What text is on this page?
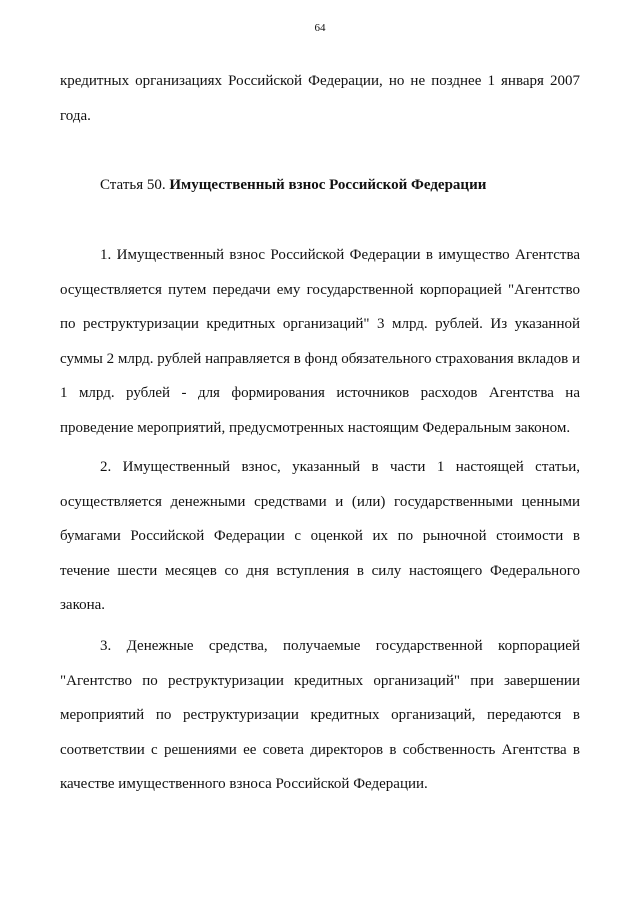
64
кредитных организациях Российской Федерации, но не позднее 1 января 2007 года.
Статья 50. Имущественный взнос Российской Федерации
1. Имущественный взнос Российской Федерации в имущество Агентства осуществляется путем передачи ему государственной корпорацией "Агентство по реструктуризации кредитных организаций" 3 млрд. рублей. Из указанной суммы 2 млрд. рублей направляется в фонд обязательного страхования вкладов и 1 млрд. рублей - для формирования источников расходов Агентства на проведение мероприятий, предусмотренных настоящим Федеральным законом.
2. Имущественный взнос, указанный в части 1 настоящей статьи, осуществляется денежными средствами и (или) государственными ценными бумагами Российской Федерации с оценкой их по рыночной стоимости в течение шести месяцев со дня вступления в силу настоящего Федерального закона.
3. Денежные средства, получаемые государственной корпорацией "Агентство по реструктуризации кредитных организаций" при завершении мероприятий по реструктуризации кредитных организаций, передаются в соответствии с решениями ее совета директоров в собственность Агентства в качестве имущественного взноса Российской Федерации.
